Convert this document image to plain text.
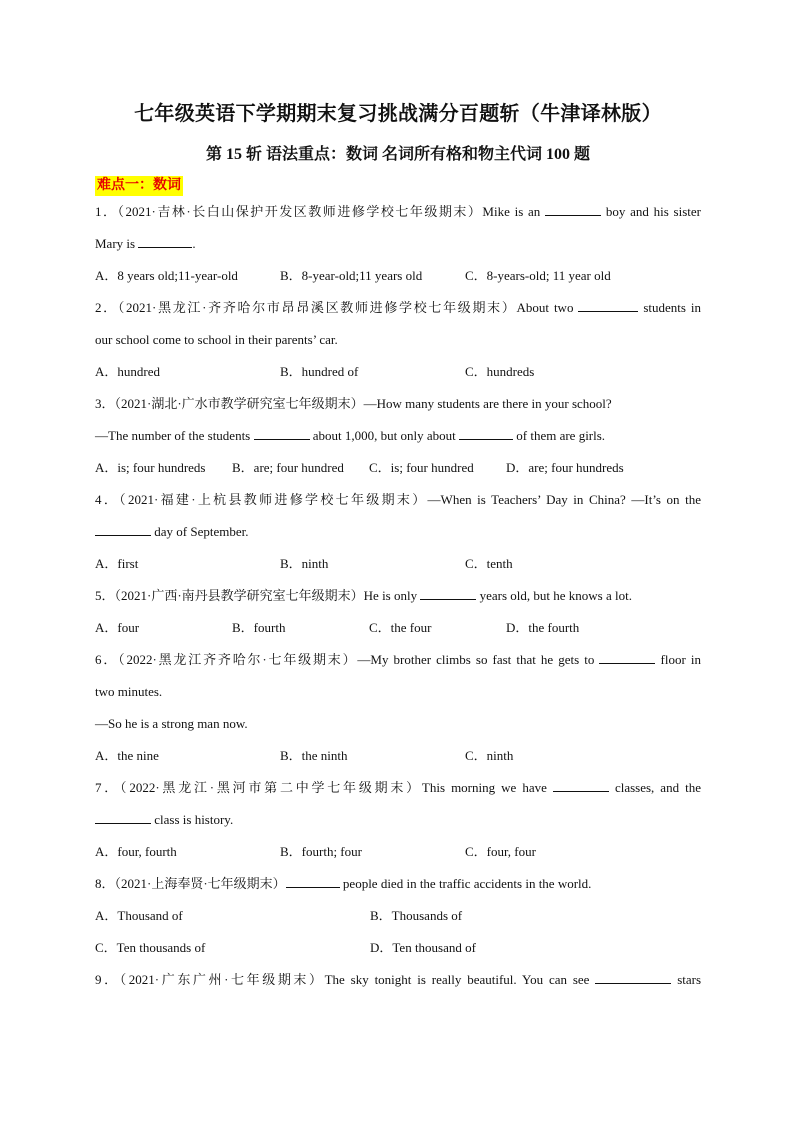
七年级英语下学期期末复习挑战满分百题斩（牛津译林版）
第 15 斩 语法重点：数词 名词所有格和物主代词 100 题
难点一：数词
1．（2021·吉林·长白山保护开发区教师进修学校七年级期末）Mike is an	boy and his sister
Mary is	.
A．8 years old;11-year-old	B．8-year-old;11 years old	C．8-years-old; 11 year old
2．（2021·黑龙江·齐齐哈尔市昂昂溪区教师进修学校七年级期末）About two	students in
our school come to school in their parents’ car.
A．hundred	B．hundred of	C．hundreds
3．（2021·湖北·广水市教学研究室七年级期末）—How many students are there in your school?
—The number of the students	about 1,000, but only about	of them are girls.
A．is; four hundreds	B．are; four hundred	C．is; four hundred	D．are; four hundreds
4．（2021·福建·上杭县教师进修学校七年级期末）—When is Teachers’ Day in China? —It’s on the
day of September.
A．first	B．ninth	C．tenth
5．（2021·广西·南丹县教学研究室七年级期末）He is only	years old, but he knows a lot.
A．four	B．fourth	C．the four	D．the fourth
6．（2022·黑龙江齐齐哈尔·七年级期末）—My brother climbs so fast that he gets to	floor in
two minutes.
—So he is a strong man now.
A．the nine	B．the ninth	C．ninth
7．（2022·黑龙江·黑河市第二中学七年级期末）This morning we have	classes, and the
class is history.
A．four, fourth	B．fourth; four	C．four, four
8．（2021·上海奉贤·七年级期末）	people died in the traffic accidents in the world.
A．Thousand of	B．Thousands of
C．Ten thousands of	D．Ten thousand of
9．（2021·广东广州·七年级期末）The sky tonight is really beautiful. You can see	stars
